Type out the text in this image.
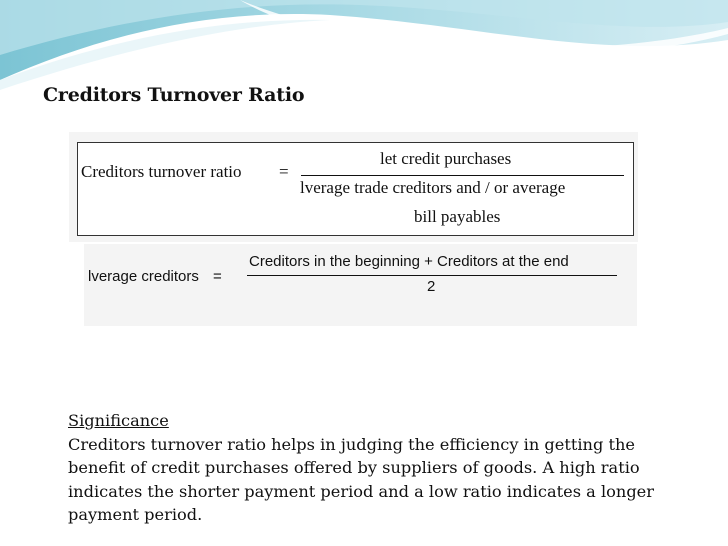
Creditors Turnover Ratio
Creditors turnover ratio =
let credit purchases
lverage trade creditors and / or average
bill payables
lverage creditors =
Creditors in the beginning + Creditors at the end
2
Significance
Creditors turnover ratio helps in judging the efficiency in getting the benefit of credit purchases offered by suppliers of goods. A high ratio indicates the shorter payment period and a low ratio indicates a longer payment period.
